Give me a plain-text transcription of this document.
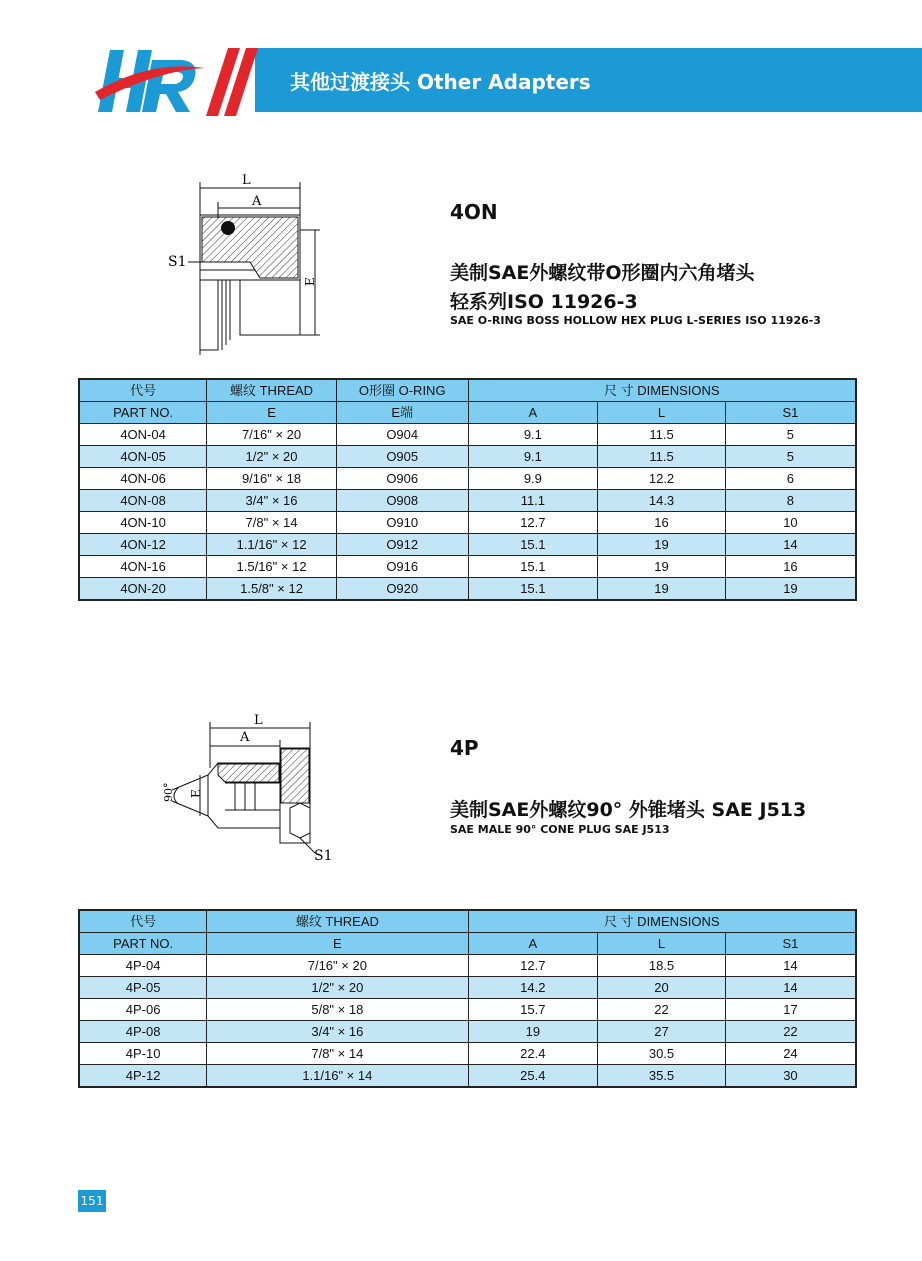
其他过渡接头 Other Adapters
L
A
S1
E
4ON
美制SAE外螺纹带O形圈内六角堵头
轻系列ISO 11926-3
SAE O-RING BOSS HOLLOW HEX PLUG L-SERIES ISO 11926-3
代号	螺纹 THREAD	O形圈 O-RING	尺 寸 DIMENSIONS		
PART NO.	E	E端	A	L	S1
4ON-04	7/16" × 20	O904	9.1	11.5	5
4ON-05	1/2" × 20	O905	9.1	11.5	5
4ON-06	9/16" × 18	O906	9.9	12.2	6
4ON-08	3/4" × 16	O908	11.1	14.3	8
4ON-10	7/8" × 14	O910	12.7	16	10
4ON-12	1.1/16" × 12	O912	15.1	19	14
4ON-16	1.5/16" × 12	O916	15.1	19	16
4ON-20	1.5/8" × 12	O920	15.1	19	19
L
A
S1
E
90°
4P
美制SAE外螺纹90° 外锥堵头 SAE J513
SAE MALE 90° CONE PLUG SAE J513
代号	螺纹 THREAD	尺 寸 DIMENSIONS		
PART NO.	E	A	L	S1
4P-04	7/16" × 20	12.7	18.5	14
4P-05	1/2" × 20	14.2	20	14
4P-06	5/8" × 18	15.7	22	17
4P-08	3/4" × 16	19	27	22
4P-10	7/8" × 14	22.4	30.5	24
4P-12	1.1/16" × 14	25.4	35.5	30
151
